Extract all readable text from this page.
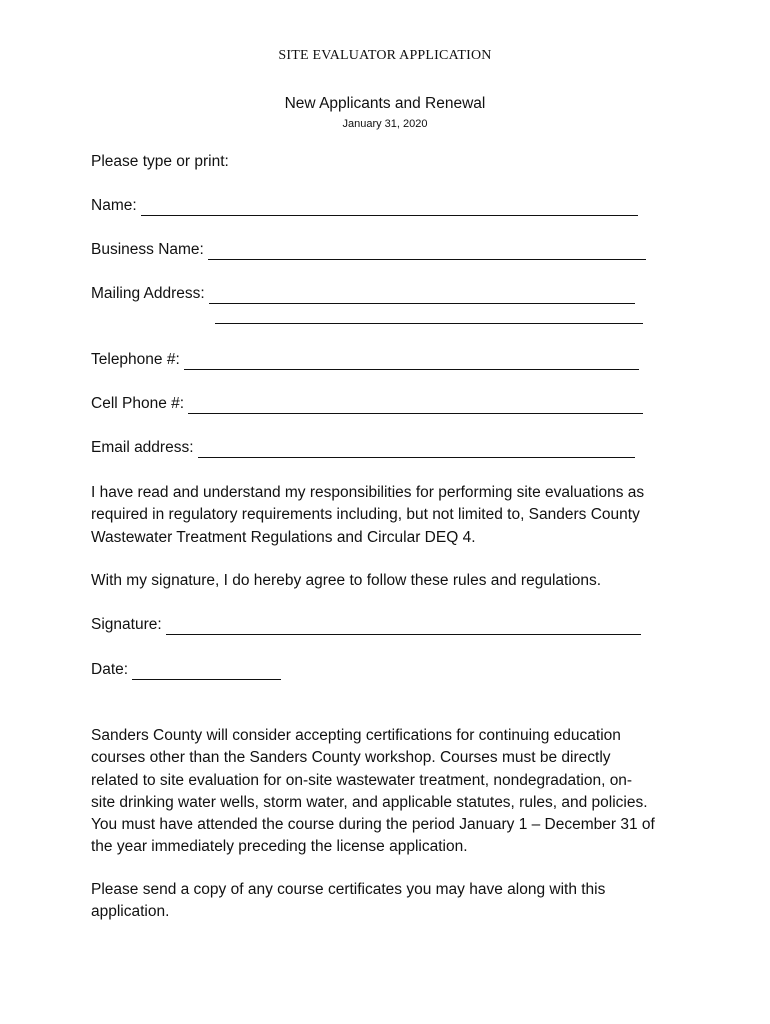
SITE EVALUATOR APPLICATION
New Applicants and Renewal
January 31, 2020
Please type or print:
Name:
Business Name:
Mailing Address:
Telephone #:
Cell Phone #:
Email address:
I have read and understand my responsibilities for performing site evaluations as
required in regulatory requirements including, but not limited to, Sanders County
Wastewater Treatment Regulations and Circular DEQ 4.
With my signature, I do hereby agree to follow these rules and regulations.
Signature:
Date:
Sanders County will consider accepting certifications for continuing education
courses other than the Sanders County workshop. Courses must be directly
related to site evaluation for on-site wastewater treatment, nondegradation, on-
site drinking water wells, storm water, and applicable statutes, rules, and policies.
You must have attended the course during the period January 1 – December 31 of
the year immediately preceding the license application.
Please send a copy of any course certificates you may have along with this
application.
